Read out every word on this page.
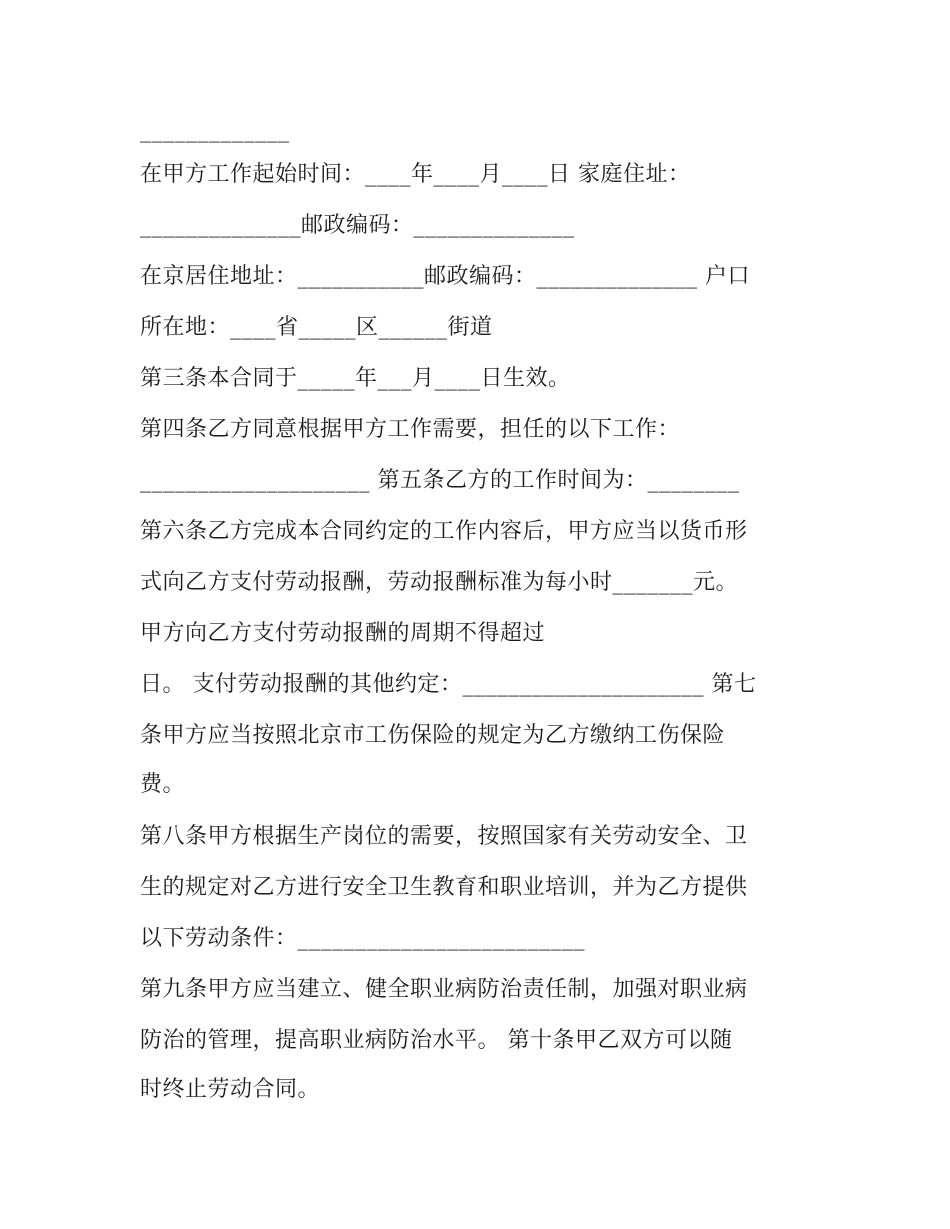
_____________
在甲方工作起始时间：____年____月____日 家庭住址：
______________邮政编码：______________
在京居住地址：___________邮政编码：______________ 户口
所在地：____省_____区______街道
第三条本合同于_____年___月____日生效。
第四条乙方同意根据甲方工作需要，担任的以下工作：
____________________ 第五条乙方的工作时间为：________
第六条乙方完成本合同约定的工作内容后，甲方应当以货币形
式向乙方支付劳动报酬，劳动报酬标准为每小时_______元。
甲方向乙方支付劳动报酬的周期不得超过
日。 支付劳动报酬的其他约定：_____________________ 第七
条甲方应当按照北京市工伤保险的规定为乙方缴纳工伤保险
费。
第八条甲方根据生产岗位的需要，按照国家有关劳动安全、卫
生的规定对乙方进行安全卫生教育和职业培训，并为乙方提供
以下劳动条件：_________________________
第九条甲方应当建立、健全职业病防治责任制，加强对职业病
防治的管理，提高职业病防治水平。 第十条甲乙双方可以随
时终止劳动合同。
